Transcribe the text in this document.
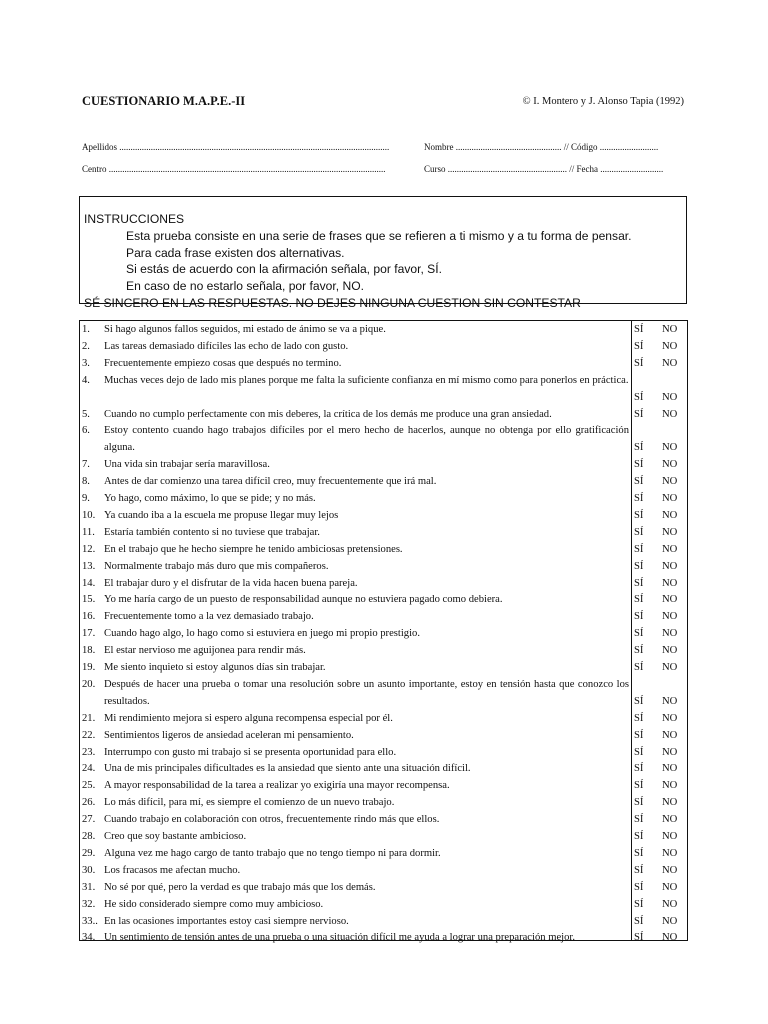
CUESTIONARIO M.A.P.E.-II	© I. Montero y J. Alonso Tapia (1992)
Apellidos ........................................................................................................................	Nombre ............................................... // Código ..........................
Centro ...........................................................................................................................	Curso ..................................................... // Fecha ............................
INSTRUCCIONES
Esta prueba consiste en una serie de frases que se refieren a ti mismo y a tu forma de pensar.
Para cada frase existen dos alternativas.
Si estás de acuerdo con la afirmación señala, por favor, SÍ.
En caso de no estarlo señala, por favor, NO.
SÉ SINCERO EN LAS RESPUESTAS. NO DEJES NINGUNA CUESTION SIN CONTESTAR
1.	Si hago algunos fallos seguidos, mi estado de ánimo se va a pique.	SÍ NO
2.	Las tareas demasiado difíciles las echo de lado con gusto.	SÍ NO
3.	Frecuentemente empiezo cosas que después no termino.	SÍ NO
4.	Muchas veces dejo de lado mis planes porque me falta la suficiente confianza en mí mismo como para ponerlos en práctica.
SÍ NO
5.	Cuando no cumplo perfectamente con mis deberes, la crítica de los demás me produce una gran ansiedad.	SÍ NO
6.	Estoy contento cuando hago trabajos difíciles por el mero hecho de hacerlos, aunque no obtenga por ello gratificación alguna.	SÍ NO
7.	Una vida sin trabajar sería maravillosa.	SÍ NO
8.	Antes de dar comienzo una tarea difícil creo, muy frecuentemente que irá mal.	SÍ NO
9.	Yo hago, como máximo, lo que se pide; y no más.	SÍ NO
10. Ya cuando iba a la escuela me propuse llegar muy lejos	SÍ NO
11. Estaría también contento si no tuviese que trabajar.	SÍ NO
12. En el trabajo que he hecho siempre he tenido ambiciosas pretensiones.	SÍ NO
13. Normalmente trabajo más duro que mis compañeros.	SÍ NO
14. El trabajar duro y el disfrutar de la vida hacen buena pareja.	SÍ NO
15. Yo me haría cargo de un puesto de responsabilidad aunque no estuviera pagado como debiera.	SÍ NO
16. Frecuentemente tomo a la vez demasiado trabajo.	SÍ NO
17. Cuando hago algo, lo hago como si estuviera en juego mi propio prestigio.	SÍ NO
18. El estar nervioso me aguijonea para rendir más.	SÍ NO
19. Me siento inquieto si estoy algunos días sin trabajar.	SÍ NO
20. Después de hacer una prueba o tomar una resolución sobre un asunto importante, estoy en tensión hasta que conozco los resultados.	SÍ NO
21. Mi rendimiento mejora si espero alguna recompensa especial por él.	SÍ NO
22. Sentimientos ligeros de ansiedad aceleran mi pensamiento.	SÍ NO
23. Interrumpo con gusto mi trabajo si se presenta oportunidad para ello.	SÍ NO
24. Una de mis principales dificultades es la ansiedad que siento ante una situación difícil.	SÍ NO
25. A mayor responsabilidad de la tarea a realizar yo exigiría una mayor recompensa.	SÍ NO
26. Lo más difícil, para mí, es siempre el comienzo de un nuevo trabajo.	SÍ NO
27. Cuando trabajo en colaboración con otros, frecuentemente rindo más que ellos.	SÍ NO
28. Creo que soy bastante ambicioso.	SÍ NO
29. Alguna vez me hago cargo de tanto trabajo que no tengo tiempo ni para dormir.	SÍ NO
30. Los fracasos me afectan mucho.	SÍ NO
31. No sé por qué, pero la verdad es que trabajo más que los demás.	SÍ NO
32. He sido considerado siempre como muy ambicioso.	SÍ NO
33.. En las ocasiones importantes estoy casi siempre nervioso.	SÍ NO
34. Un sentimiento de tensión antes de una prueba o una situación difícil me ayuda a lograr una preparación mejor.	SÍ NO
